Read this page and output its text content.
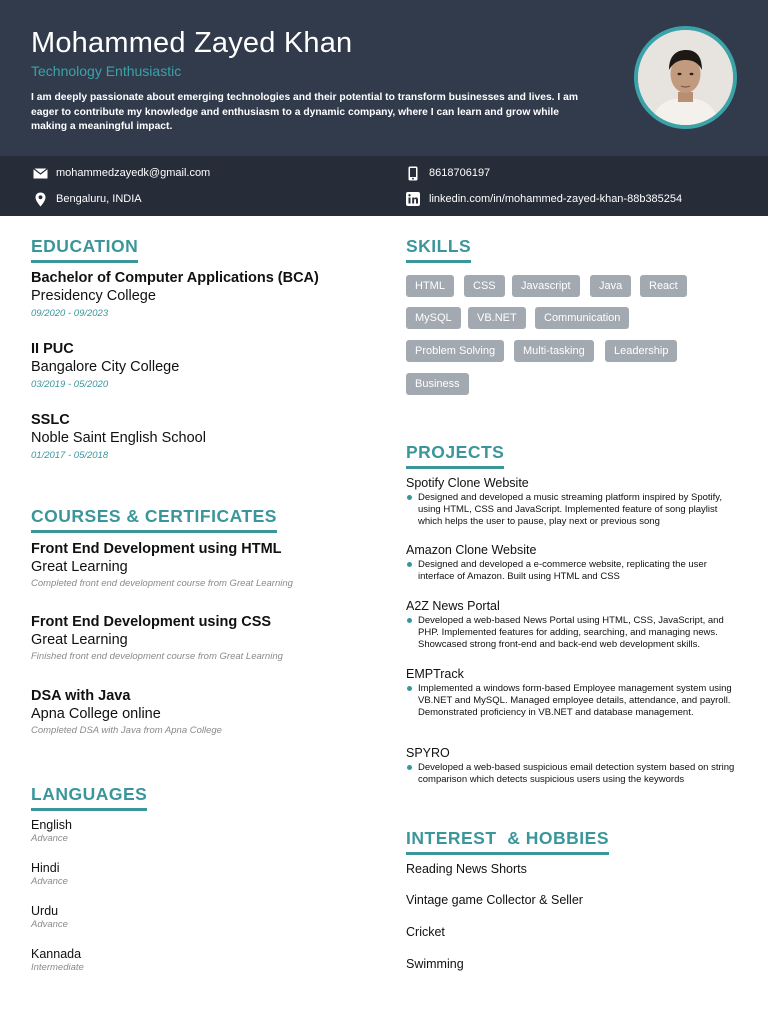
Mohammed Zayed Khan
Technology Enthusiastic
I am deeply passionate about emerging technologies and their potential to transform businesses and lives. I am eager to contribute my knowledge and enthusiasm to a dynamic company, where I can learn and grow while making a meaningful impact.
mohammedzayedk@gmail.com	8618706197
Bengaluru, INDIA	linkedin.com/in/mohammed-zayed-khan-88b385254
EDUCATION
Bachelor of Computer Applications (BCA)
Presidency College
09/2020 - 09/2023
II PUC
Bangalore City College
03/2019 - 05/2020
SSLC
Noble Saint English School
01/2017 - 05/2018
COURSES & CERTIFICATES
Front End Development using HTML
Great Learning
Completed front end development course from Great Learning
Front End Development using CSS
Great Learning
Finished front end development course from Great Learning
DSA with Java
Apna College online
Completed DSA with Java from Apna College
LANGUAGES
English
Advance
Hindi
Advance
Urdu
Advance
Kannada
Intermediate
SKILLS
HTML	CSS	Javascript	Java	React
MySQL	VB.NET	Communication
Problem Solving	Multi-tasking	Leadership
Business
PROJECTS
Spotify Clone Website
Designed and developed a music streaming platform inspired by Spotify, using HTML, CSS and JavaScript. Implemented feature of song playlist which helps the user to pause, play next or previous song
Amazon Clone Website
Designed and developed a e-commerce website, replicating the user interface of Amazon. Built using HTML and CSS
A2Z News Portal
Developed a web-based News Portal using HTML, CSS, JavaScript, and PHP. Implemented features for adding, searching, and managing news. Showcased strong front-end and back-end web development skills.
EMPTrack
Implemented a windows form-based Employee management system using VB.NET and MySQL. Managed employee details, attendance, and payroll. Demonstrated proficiency in VB.NET and database management.
SPYRO
Developed a web-based suspicious email detection system based on string comparison which detects suspicious users using the keywords
INTEREST  & HOBBIES
Reading News Shorts
Vintage game Collector & Seller
Cricket
Swimming
